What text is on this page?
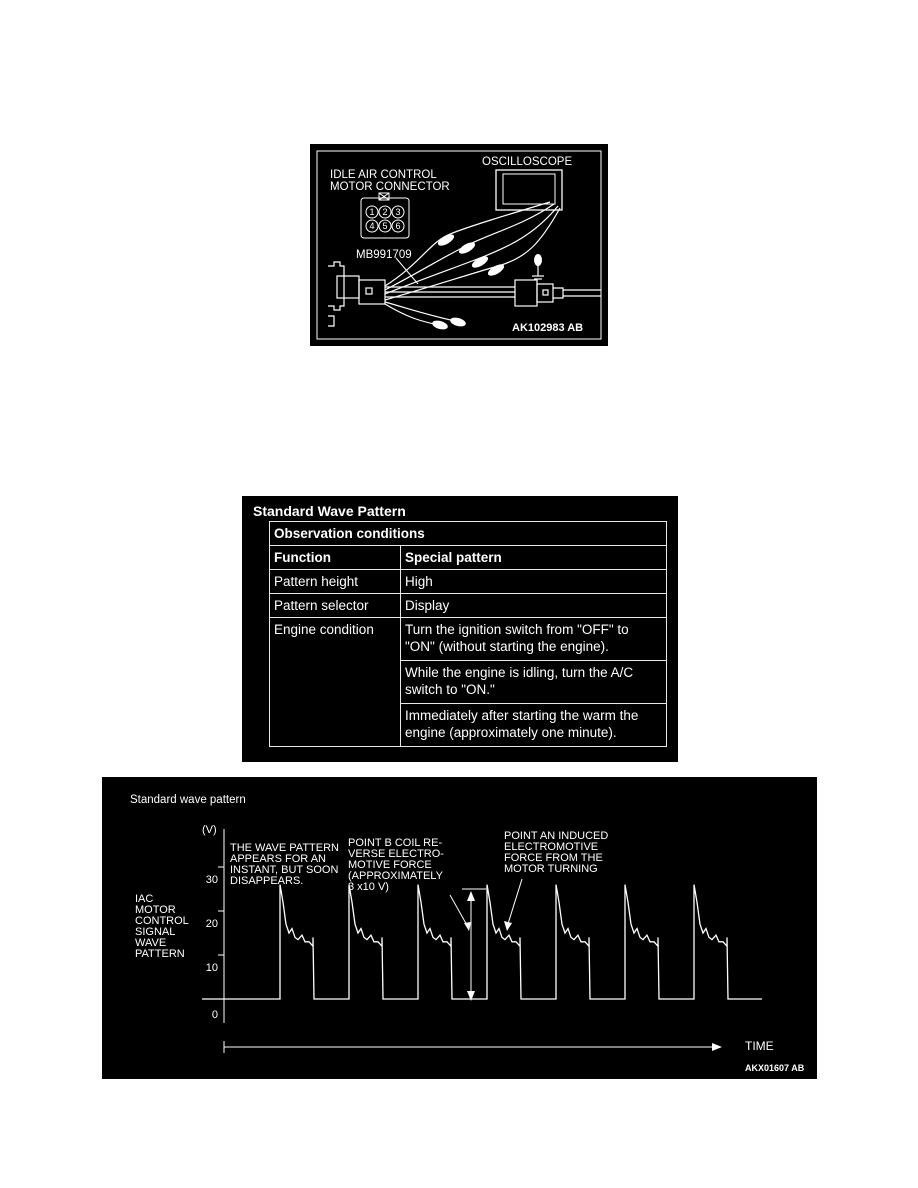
1 2 3
4 5 6
IDLE AIR CONTROL
MOTOR CONNECTOR
OSCILLOSCOPE
MB991709
AK102983 AB
Standard Wave Pattern
Observation conditions	
Function	Special pattern
Pattern height	High
Pattern selector	Display
Engine condition	Turn the ignition switch from "OFF" to "ON" (without starting the engine).
	While the engine is idling, turn the A/C switch to "ON."
	Immediately after starting the warm the engine (approximately one minute).
Standard wave pattern
(V)
30
20
10
0
IAC
MOTOR
CONTROL
SIGNAL
WAVE
PATTERN
THE WAVE PATTERN
APPEARS FOR AN
INSTANT, BUT SOON
DISAPPEARS.
POINT B COIL RE-
VERSE ELECTRO-
MOTIVE FORCE
(APPROXIMATELY
3 x10 V)
POINT AN INDUCED
ELECTROMOTIVE
FORCE FROM THE
MOTOR TURNING
TIME
AKX01607 AB
